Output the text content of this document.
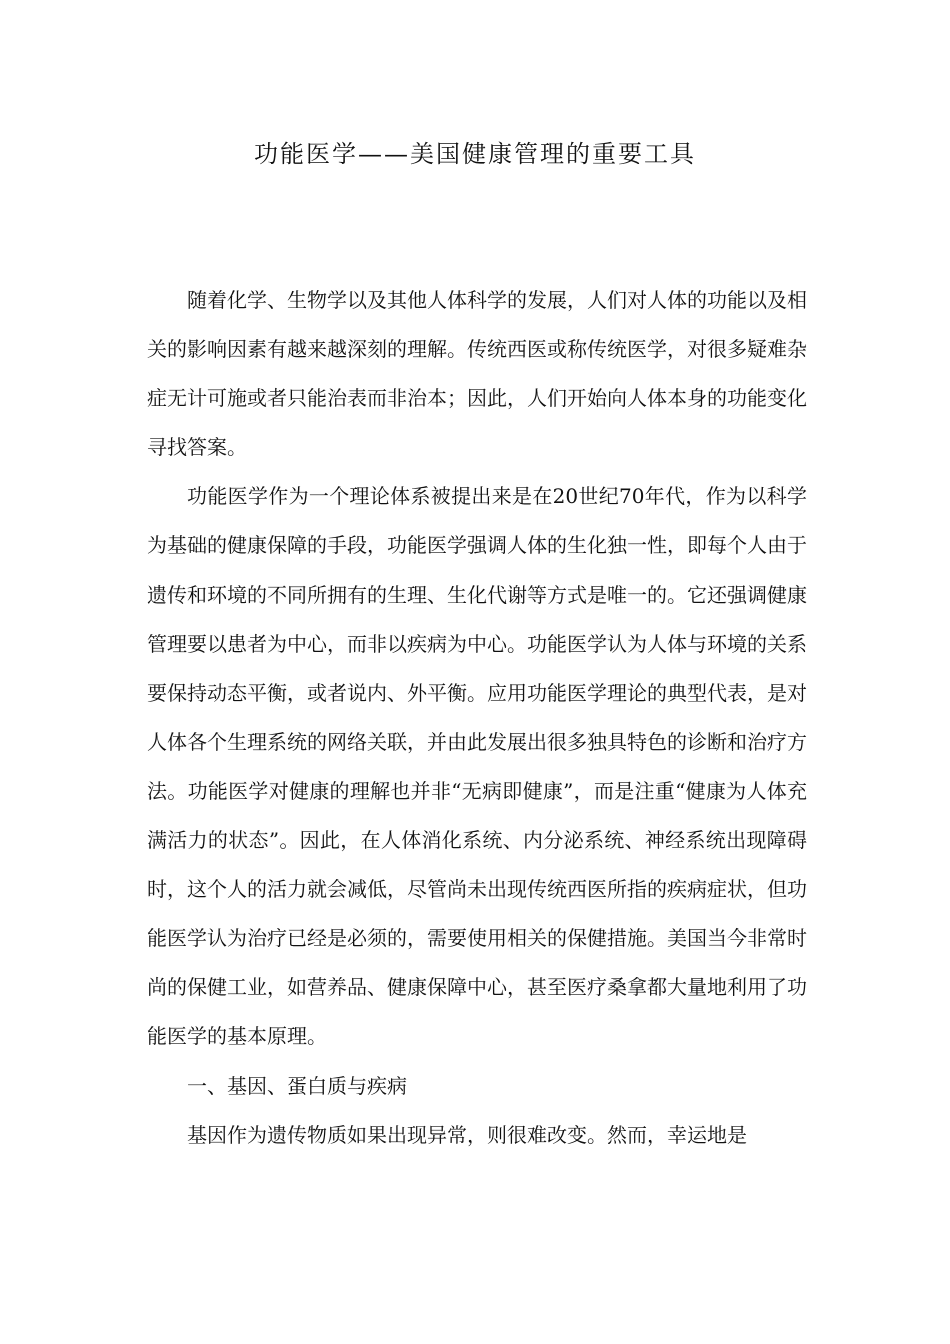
功能医学——美国健康管理的重要工具

随着化学、生物学以及其他人体科学的发展，人们对人体的功能以及相关的影响因素有越来越深刻的理解。传统西医或称传统医学，对很多疑难杂症无计可施或者只能治表而非治本；因此，人们开始向人体本身的功能变化寻找答案。

功能医学作为一个理论体系被提出来是在20世纪70年代，作为以科学为基础的健康保障的手段，功能医学强调人体的生化独一性，即每个人由于遗传和环境的不同所拥有的生理、生化代谢等方式是唯一的。它还强调健康管理要以患者为中心，而非以疾病为中心。功能医学认为人体与环境的关系要保持动态平衡，或者说内、外平衡。应用功能医学理论的典型代表，是对人体各个生理系统的网络关联，并由此发展出很多独具特色的诊断和治疗方法。功能医学对健康的理解也并非“无病即健康”，而是注重“健康为人体充满活力的状态”。因此，在人体消化系统、内分泌系统、神经系统出现障碍时，这个人的活力就会减低，尽管尚未出现传统西医所指的疾病症状，但功能医学认为治疗已经是必须的，需要使用相关的保健措施。美国当今非常时尚的保健工业，如营养品、健康保障中心，甚至医疗桑拿都大量地利用了功能医学的基本原理。

一、基因、蛋白质与疾病

基因作为遗传物质如果出现异常，则很难改变。然而，幸运地是
